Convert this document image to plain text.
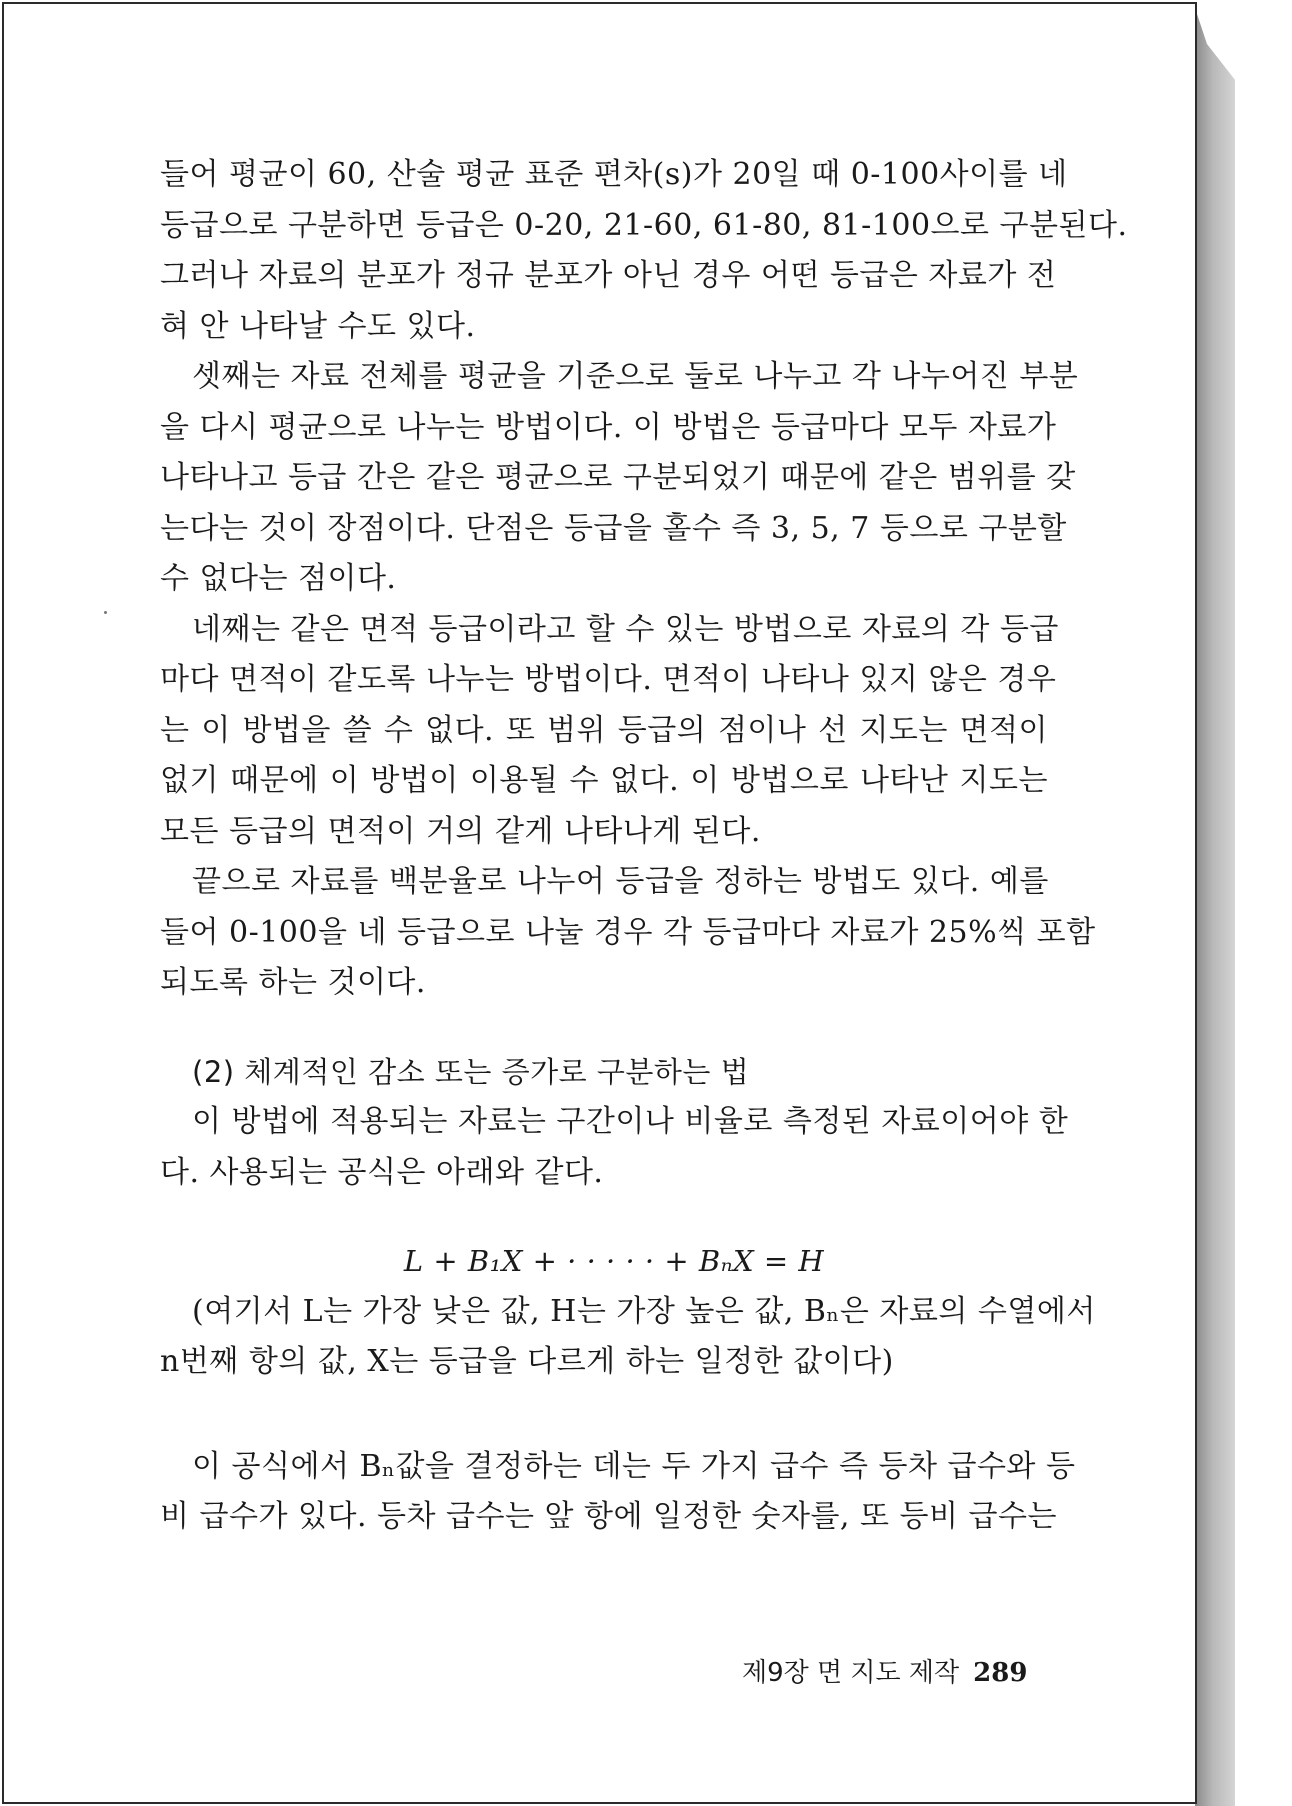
들어 평균이 60, 산술 평균 표준 편차(s)가 20일 때 0-100사이를 네
등급으로 구분하면 등급은 0-20, 21-60, 61-80, 81-100으로 구분된다.
그러나 자료의 분포가 정규 분포가 아닌 경우 어떤 등급은 자료가 전
혀 안 나타날 수도 있다.
셋째는 자료 전체를 평균을 기준으로 둘로 나누고 각 나누어진 부분
을 다시 평균으로 나누는 방법이다. 이 방법은 등급마다 모두 자료가
나타나고 등급 간은 같은 평균으로 구분되었기 때문에 같은 범위를 갖
는다는 것이 장점이다. 단점은 등급을 홀수 즉 3, 5, 7 등으로 구분할
수 없다는 점이다.
네째는 같은 면적 등급이라고 할 수 있는 방법으로 자료의 각 등급
마다 면적이 같도록 나누는 방법이다. 면적이 나타나 있지 않은 경우
는 이 방법을 쓸 수 없다. 또 범위 등급의 점이나 선 지도는 면적이
없기 때문에 이 방법이 이용될 수 없다. 이 방법으로 나타난 지도는
모든 등급의 면적이 거의 같게 나타나게 된다.
끝으로 자료를 백분율로 나누어 등급을 정하는 방법도 있다. 예를
들어 0-100을 네 등급으로 나눌 경우 각 등급마다 자료가 25%씩 포함
되도록 하는 것이다.
(2) 체계적인 감소 또는 증가로 구분하는 법
이 방법에 적용되는 자료는 구간이나 비율로 측정된 자료이어야 한
다. 사용되는 공식은 아래와 같다.
L + B₁X + · · · · · + BₙX = H
(여기서 L는 가장 낮은 값, H는 가장 높은 값, Bₙ은 자료의 수열에서
n번째 항의 값, X는 등급을 다르게 하는 일정한 값이다)
이 공식에서 Bₙ값을 결정하는 데는 두 가지 급수 즉 등차 급수와 등
비 급수가 있다. 등차 급수는 앞 항에 일정한 숫자를, 또 등비 급수는
제9장 면 지도 제작 289
